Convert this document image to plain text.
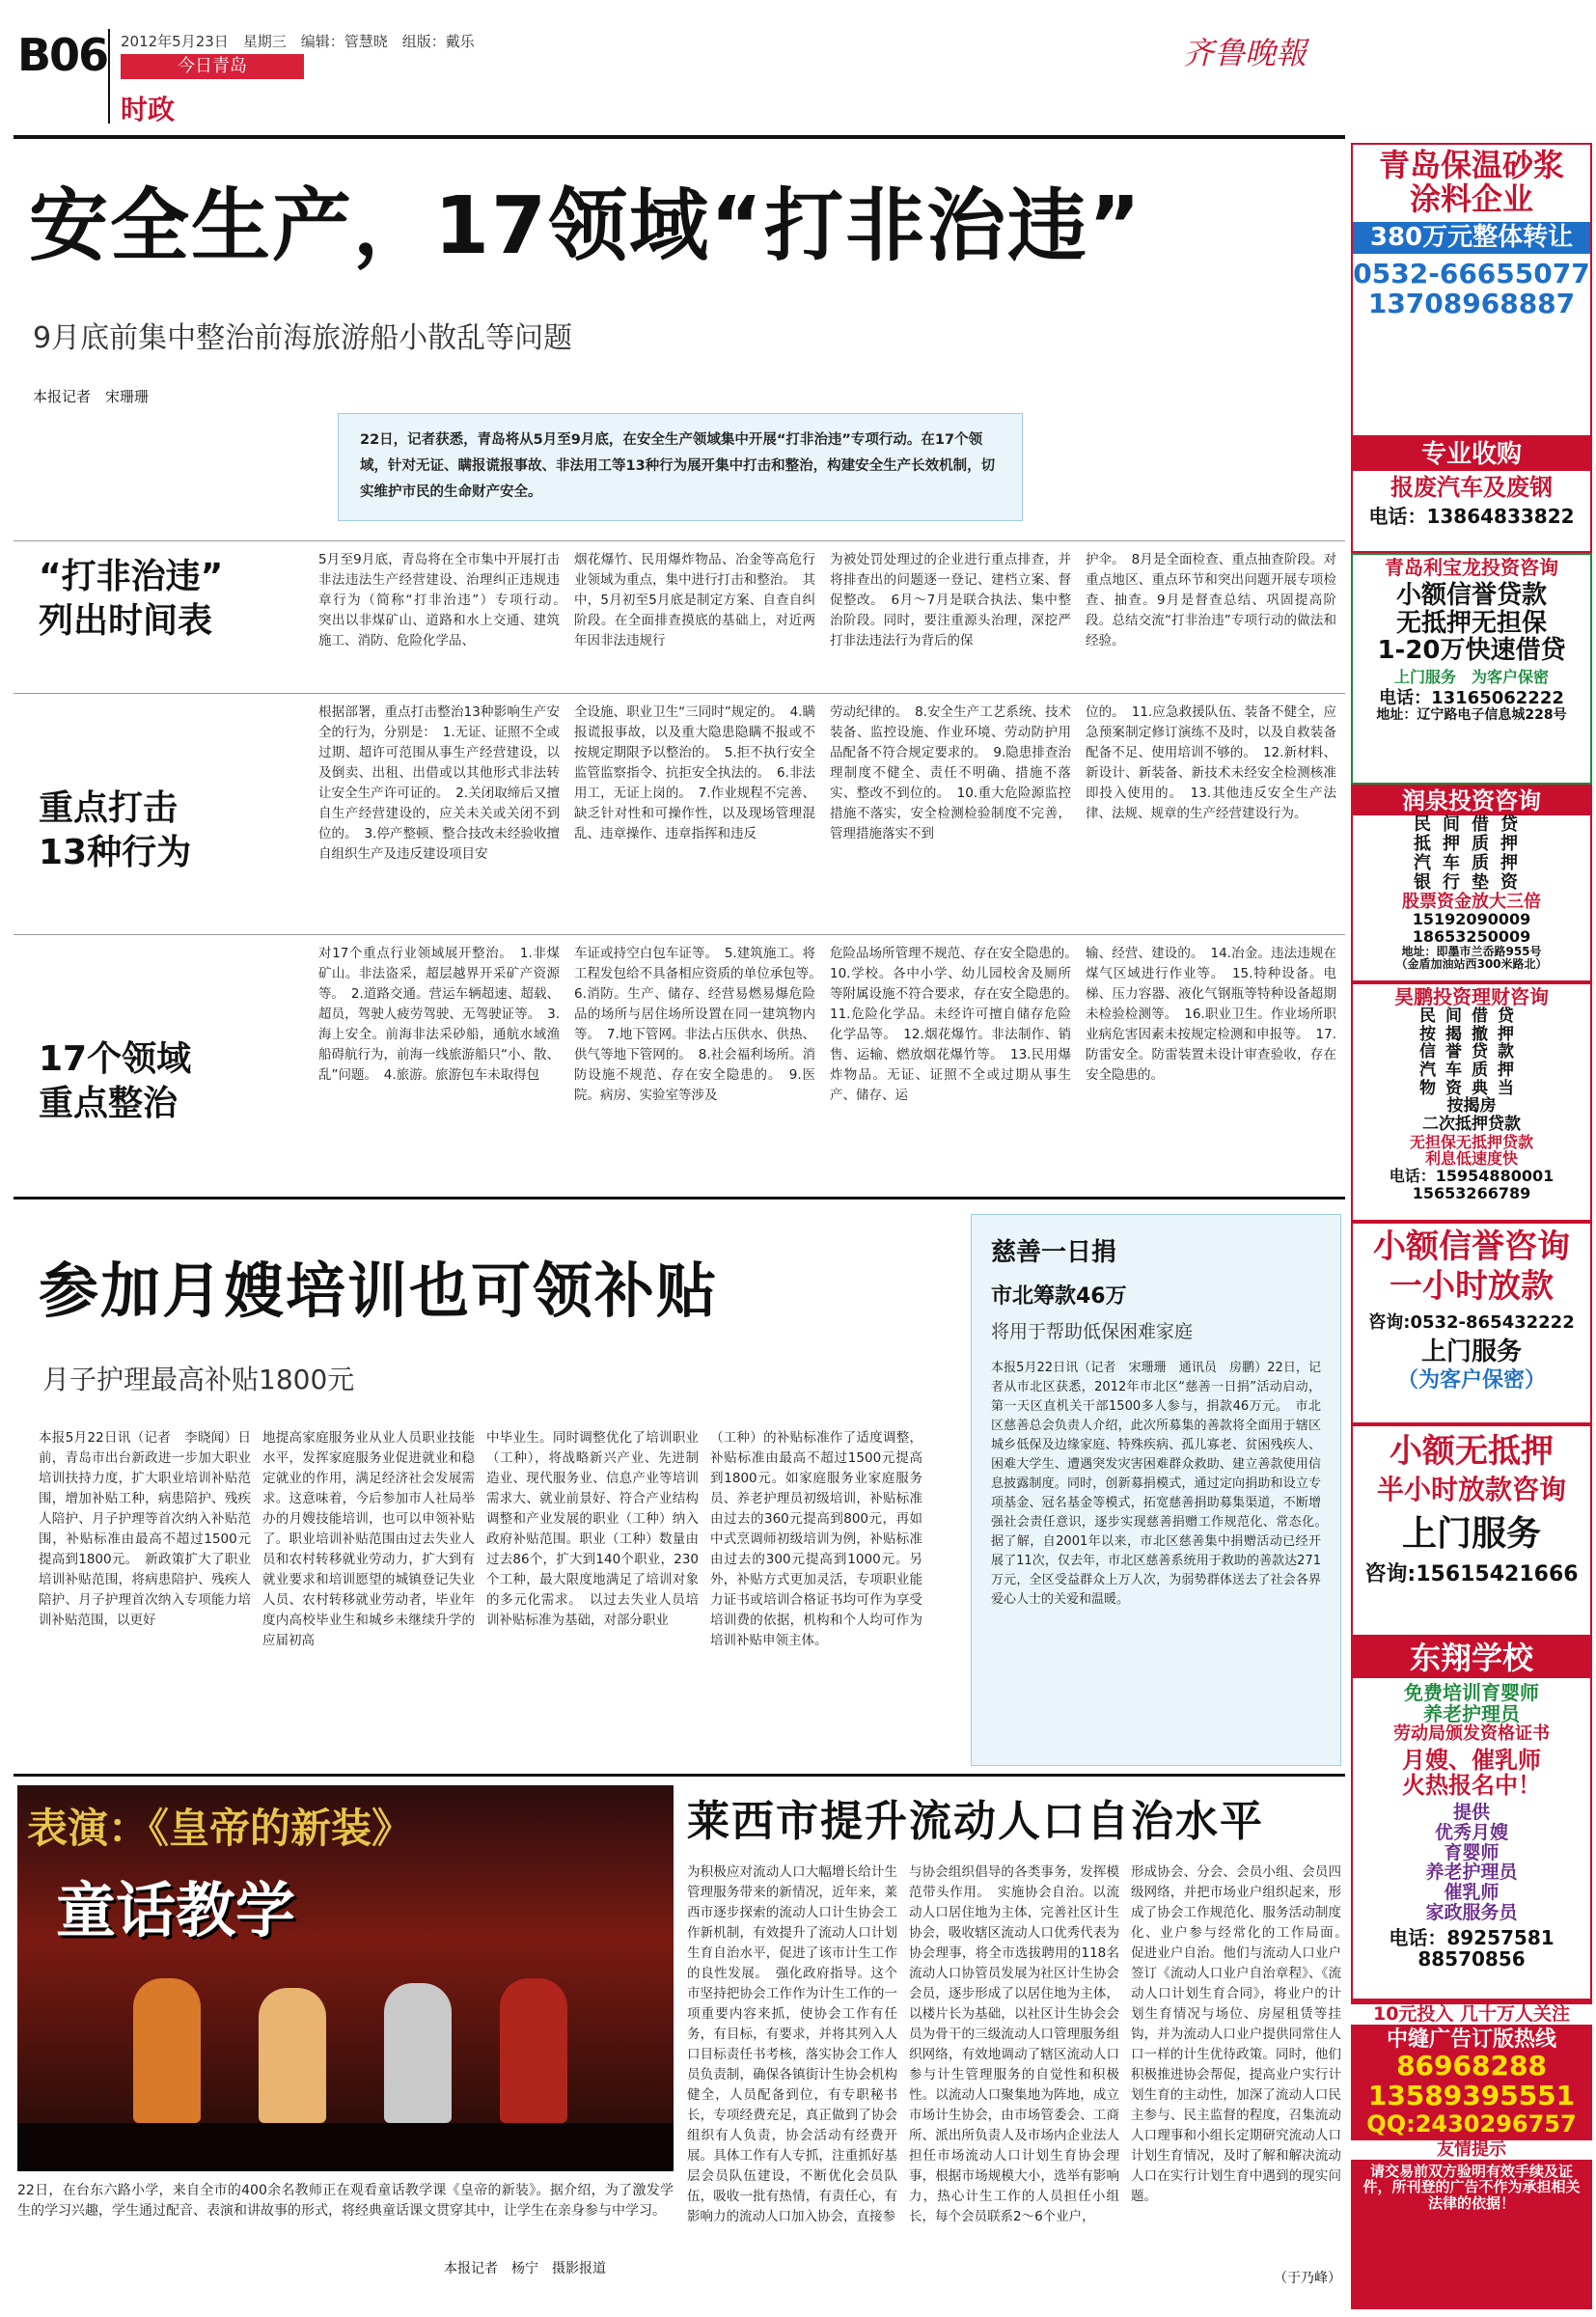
B06 2012年5月23日　星期三　编辑：管慧晓　组版：戴乐
今日青岛
时政
齐鲁晚報
安全生产，17领域“打非治违”
9月底前集中整治前海旅游船小散乱等问题
本报记者　宋珊珊
22日，记者获悉，青岛将从5月至9月底，在安全生产领域集中开展“打非治违”专项行动。在17个领域，针对无证、瞒报谎报事故、非法用工等13种行为展开集中打击和整治，构建安全生产长效机制，切实维护市民的生命财产安全。
“打非治违”
列出时间表
5月至9月底，青岛将在全市集中开展打击非法违法生产经营建设、治理纠正违规违章行为（简称“打非治违”）专项行动。　突出以非煤矿山、道路和水上交通、建筑施工、消防、危险化学品、
烟花爆竹、民用爆炸物品、冶金等高危行业领域为重点，集中进行打击和整治。　其中，5月初至5月底是制定方案、自查自纠阶段。在全面排查摸底的基础上，对近两年因非法违规行
为被处罚处理过的企业进行重点排查，并将排查出的问题逐一登记、建档立案、督促整改。　6月～7月是联合执法、集中整治阶段。同时，要注重源头治理，深挖严打非法违法行为背后的保
护伞。　8月是全面检查、重点抽查阶段。对重点地区、重点环节和突出问题开展专项检查、抽查。9月是督查总结、巩固提高阶段。总结交流“打非治违”专项行动的做法和经验。
重点打击
13种行为
根据部署，重点打击整治13种影响生产安全的行为，分别是：　1.无证、证照不全或过期、超许可范围从事生产经营建设，以及倒卖、出租、出借或以其他形式非法转让安全生产许可证的。　2.关闭取缔后又擅自生产经营建设的，应关未关或关闭不到位的。　3.停产整顿、整合技改未经验收擅自组织生产及违反建设项目安
全设施、职业卫生“三同时”规定的。　4.瞒报谎报事故，以及重大隐患隐瞒不报或不按规定期限予以整治的。　5.拒不执行安全监管监察指令、抗拒安全执法的。　6.非法用工，无证上岗的。　7.作业规程不完善、缺乏针对性和可操作性，以及现场管理混乱、违章操作、违章指挥和违反
劳动纪律的。　8.安全生产工艺系统、技术装备、监控设施、作业环境、劳动防护用品配备不符合规定要求的。　9.隐患排查治理制度不健全、责任不明确、措施不落实、整改不到位的。　10.重大危险源监控措施不落实，安全检测检验制度不完善，管理措施落实不到
位的。　11.应急救援队伍、装备不健全，应急预案制定修订演练不及时，以及自救装备配备不足、使用培训不够的。　12.新材料、新设计、新装备、新技术未经安全检测核准即投入使用的。　13.其他违反安全生产法律、法规、规章的生产经营建设行为。
17个领域
重点整治
对17个重点行业领域展开整治。　1.非煤矿山。非法盗采，超层越界开采矿产资源等。　2.道路交通。营运车辆超速、超载、超员，驾驶人疲劳驾驶、无驾驶证等。　3.海上安全。前海非法采砂船，通航水域渔船碍航行为，前海一线旅游船只“小、散、乱”问题。　4.旅游。旅游包车未取得包
车证或持空白包车证等。　5.建筑施工。将工程发包给不具备相应资质的单位承包等。　6.消防。生产、储存、经营易燃易爆危险品的场所与居住场所设置在同一建筑物内等。　7.地下管网。非法占压供水、供热、供气等地下管网的。　8.社会福利场所。消防设施不规范、存在安全隐患的。　9.医院。病房、实验室等涉及
危险品场所管理不规范、存在安全隐患的。　10.学校。各中小学、幼儿园校舍及厕所等附属设施不符合要求，存在安全隐患的。　11.危险化学品。未经许可擅自储存危险化学品等。　12.烟花爆竹。非法制作、销售、运输、燃放烟花爆竹等。　13.民用爆炸物品。无证、证照不全或过期从事生产、储存、运
输、经营、建设的。　14.冶金。违法违规在煤气区域进行作业等。　15.特种设备。电梯、压力容器、液化气钢瓶等特种设备超期未检验检测等。　16.职业卫生。作业场所职业病危害因素未按规定检测和申报等。　17.防雷安全。防雷装置未设计审查验收，存在安全隐患的。
参加月嫂培训也可领补贴
月子护理最高补贴1800元
本报5月22日讯（记者　李晓闻）日前，青岛市出台新政进一步加大职业培训扶持力度，扩大职业培训补贴范围，增加补贴工种，病患陪护、残疾人陪护、月子护理等首次纳入补贴范围，补贴标准由最高不超过1500元提高到1800元。　新政策扩大了职业培训补贴范围，将病患陪护、残疾人陪护、月子护理首次纳入专项能力培训补贴范围，以更好
地提高家庭服务业从业人员职业技能水平，发挥家庭服务业促进就业和稳定就业的作用，满足经济社会发展需求。这意味着，今后参加市人社局举办的月嫂技能培训，也可以申领补贴了。职业培训补贴范围由过去失业人员和农村转移就业劳动力，扩大到有就业要求和培训愿望的城镇登记失业人员、农村转移就业劳动者，毕业年度内高校毕业生和城乡未继续升学的应届初高
中毕业生。同时调整优化了培训职业（工种），将战略新兴产业、先进制造业、现代服务业、信息产业等培训需求大、就业前景好、符合产业结构调整和产业发展的职业（工种）纳入政府补贴范围。职业（工种）数量由过去86个，扩大到140个职业，230个工种，最大限度地满足了培训对象的多元化需求。　以过去失业人员培训补贴标准为基础，对部分职业
（工种）的补贴标准作了适度调整，补贴标准由最高不超过1500元提高到1800元。如家庭服务业家庭服务员、养老护理员初级培训，补贴标准由过去的360元提高到800元，再如中式烹调师初级培训为例，补贴标准由过去的300元提高到1000元。另外，补贴方式更加灵活，专项职业能力证书或培训合格证书均可作为享受培训费的依据，机构和个人均可作为培训补贴申领主体。
慈善一日捐
市北筹款46万
将用于帮助低保困难家庭
本报5月22日讯（记者　宋珊珊　通讯员　房鹏）22日，记者从市北区获悉，2012年市北区“慈善一日捐”活动启动，第一天区直机关干部1500多人参与，捐款46万元。　市北区慈善总会负责人介绍，此次所募集的善款将全面用于辖区城乡低保及边缘家庭、特殊疾病、孤儿寡老、贫困残疾人、困难大学生、遭遇突发灾害困难群众救助、建立善款使用信息披露制度。同时，创新募捐模式，通过定向捐助和设立专项基金、冠名基金等模式，拓宽慈善捐助募集渠道，不断增强社会责任意识，逐步实现慈善捐赠工作规范化、常态化。　据了解，自2001年以来，市北区慈善集中捐赠活动已经开展了11次，仅去年，市北区慈善系统用于救助的善款达271万元，全区受益群众上万人次，为弱势群体送去了社会各界爱心人士的关爱和温暖。
表演：《皇帝的新装》
童话教学
22日，在台东六路小学，来自全市的400余名教师正在观看童话教学课《皇帝的新装》。据介绍，为了激发学生的学习兴趣，学生通过配音、表演和讲故事的形式，将经典童话课文贯穿其中，让学生在亲身参与中学习。
本报记者　杨宁　摄影报道
莱西市提升流动人口自治水平
为积极应对流动人口大幅增长给计生管理服务带来的新情况，近年来，莱西市逐步探索的流动人口计生协会工作新机制，有效提升了流动人口计划生育自治水平，促进了该市计生工作的良性发展。　强化政府指导。这个市坚持把协会工作作为计生工作的一项重要内容来抓，使协会工作有任务，有目标，有要求，并将其列入人口目标责任书考核，落实协会工作人员负责制，确保各镇街计生协会机构健全，人员配备到位，有专职秘书长，专项经费充足，真正做到了协会组织有人负责，协会活动有经费开展。具体工作有人专抓，注重抓好基层会员队伍建设，不断优化会员队伍，吸收一批有热情，有责任心，有影响力的流动人口加入协会，直接参
与协会组织倡导的各类事务，发挥模范带头作用。　实施协会自治。以流动人口居住地为主体，完善社区计生协会，吸收辖区流动人口优秀代表为协会理事，将全市选拔聘用的118名流动人口协管员发展为社区计生协会会员，逐步形成了以居住地为主体，以楼片长为基础，以社区计生协会会员为骨干的三级流动人口管理服务组织网络，有效地调动了辖区流动人口参与计生管理服务的自觉性和积极性。以流动人口聚集地为阵地，成立市场计生协会，由市场管委会、工商所、派出所负责人及市场内企业法人担任市场流动人口计划生育协会理事，根据市场规模大小，选举有影响力，热心计生工作的人员担任小组长，每个会员联系2～6个业户，
形成协会、分会、会员小组、会员四级网络，并把市场业户组织起来，形成了协会工作规范化、服务活动制度化、业户参与经常化的工作局面。　促进业户自治。他们与流动人口业户签订《流动人口业户自治章程》、《流动人口计划生育合同》，将业户的计划生育情况与场位、房屋租赁等挂钩，并为流动人口业户提供同常住人口一样的计生优待政策。同时，他们积极推进协会帮促，提高业户实行计划生育的主动性，加深了流动人口民主参与、民主监督的程度，召集流动人口理事和小组长定期研究流动人口计划生育情况，及时了解和解决流动人口在实行计划生育中遇到的现实问题。
（于乃峰）
青岛保温砂浆
涂料企业
380万元整体转让
0532-66655077
13708968887
专业收购
报废汽车及废钢
电话：13864833822
青岛利宝龙投资咨询
小额信誉贷款
无抵押无担保
1-20万快速借贷
上门服务　为客户保密
电话：13165062222
地址：辽宁路电子信息城228号
润泉投资咨询
民间借贷
抵押质押
汽车质押
银行垫资
股票资金放大三倍
15192090009
18653250009
地址：即墨市兰岙路955号
（金盾加油站西300米路北）
昊鹏投资理财咨询
民间借贷
按揭撤押
信誉贷款
汽车质押
物资典当
按揭房
二次抵押贷款
无担保无抵押贷款
利息低速度快
电话：15954880001
15653266789
小额信誉咨询
一小时放款
咨询:0532-865432222
上门服务
（为客户保密）
小额无抵押
半小时放款咨询
上门服务
咨询:15615421666
东翔学校
免费培训育婴师
养老护理员
劳动局颁发资格证书
月嫂、催乳师
火热报名中！
提供
优秀月嫂
育婴师
养老护理员
催乳师
家政服务员
电话：89257581
88570856
10元投入 几十万人关注
中缝广告订版热线
86968288
13589395551
QQ:2430296757
友情提示
请交易前双方验明有效手续及证件，所刊登的广告不作为承担相关法律的依据！
